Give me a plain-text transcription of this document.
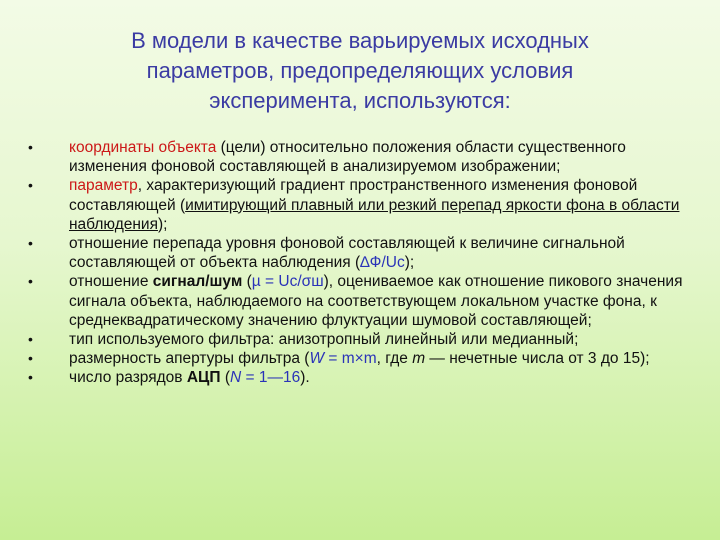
В модели в качестве варьируемых исходных
параметров, предопределяющих условия
эксперимента, используются:
• координаты объекта (цели) относительно положения области существенного изменения фоновой составляющей в анализируемом изображении;
• параметр, характеризующий градиент пространственного изменения фоновой составляющей (имитирующий плавный или резкий перепад яркости фона в области наблюдения);
• отношение перепада уровня фоновой составляющей к величине сигнальной составляющей от объекта наблюдения (∆Ф/Uc);
• отношение сигнал/шум (µ = Uc/σш), оцениваемое как отношение пикового значения сигнала объекта, наблюдаемого на соответствующем локальном участке фона, к среднеквадратическому значению флуктуации шумовой составляющей;
• тип используемого фильтра: анизотропный линейный или медианный;
• размерность апертуры фильтра (W = m×m, где m — нечетные числа от 3 до 15);
• число разрядов АЦП (N = 1—16).
